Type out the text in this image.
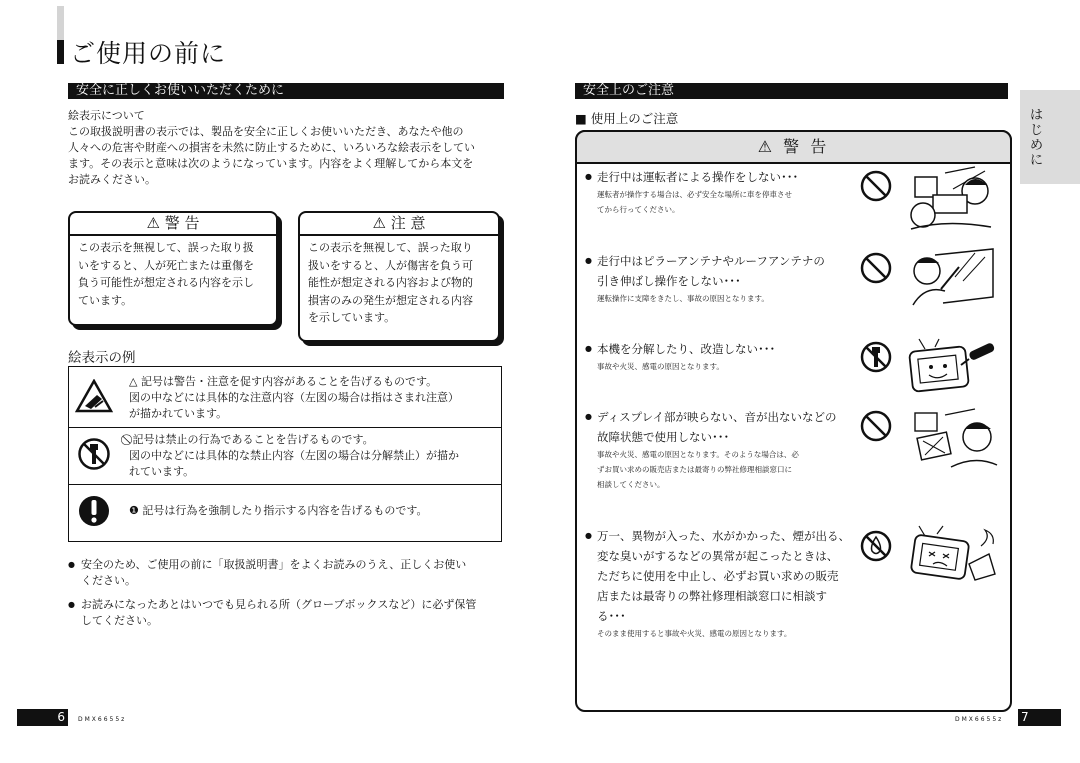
ご使用の前に
安全に正しくお使いいただくために
絵表示について
この取扱説明書の表示では、製品を安全に正しくお使いいただき、あなたや他の
人々への危害や財産への損害を未然に防止するために、いろいろな絵表示をしてい
ます。その表示と意味は次のようになっています。内容をよく理解してから本文を
お読みください。
⚠ 警 告
この表示を無視して、誤った取り扱
いをすると、人が死亡または重傷を
負う可能性が想定される内容を示し
ています。
⚠ 注 意
この表示を無視して、誤った取り
扱いをすると、人が傷害を負う可
能性が想定される内容および物的
損害のみの発生が想定される内容
を示しています。
絵表示の例
△ 記号は警告・注意を促す内容があることを告げるものです。
図の中などには具体的な注意内容（左図の場合は指はさまれ注意）
が描かれています。
⃠ 記号は禁止の行為であることを告げるものです。
図の中などには具体的な禁止内容（左図の場合は分解禁止）が描か
れています。
❶ 記号は行為を強制したり指示する内容を告げるものです。
● 安全のため、ご使用の前に「取扱説明書」をよくお読みのうえ、正しくお使い
ください。
● お読みになったあとはいつでも見られる所（グローブボックスなど）に必ず保管
してください。
6	DMX6655z
安全上のご注意
■ 使用上のご注意
⚠ 警 告
● 走行中は運転者による操作をしない･･･
運転者が操作する場合は、必ず安全な場所に車を停車させ
てから行ってください。
● 走行中はピラーアンテナやルーフアンテナの
引き伸ばし操作をしない･･･
運転操作に支障をきたし、事故の原因となります。
● 本機を分解したり、改造しない･･･
事故や火災、感電の原因となります。
● ディスプレイ部が映らない、音が出ないなどの
故障状態で使用しない･･･
事故や火災、感電の原因となります。そのような場合は、必
ずお買い求めの販売店または最寄りの弊社修理相談窓口に
相談してください。
● 万一、異物が入った、水がかかった、煙が出る、
変な臭いがするなどの異常が起こったときは、
ただちに使用を中止し、必ずお買い求めの販売
店または最寄りの弊社修理相談窓口に相談す
る･･･
そのまま使用すると事故や火災、感電の原因となります。
はじめに
DMX6655z 7
